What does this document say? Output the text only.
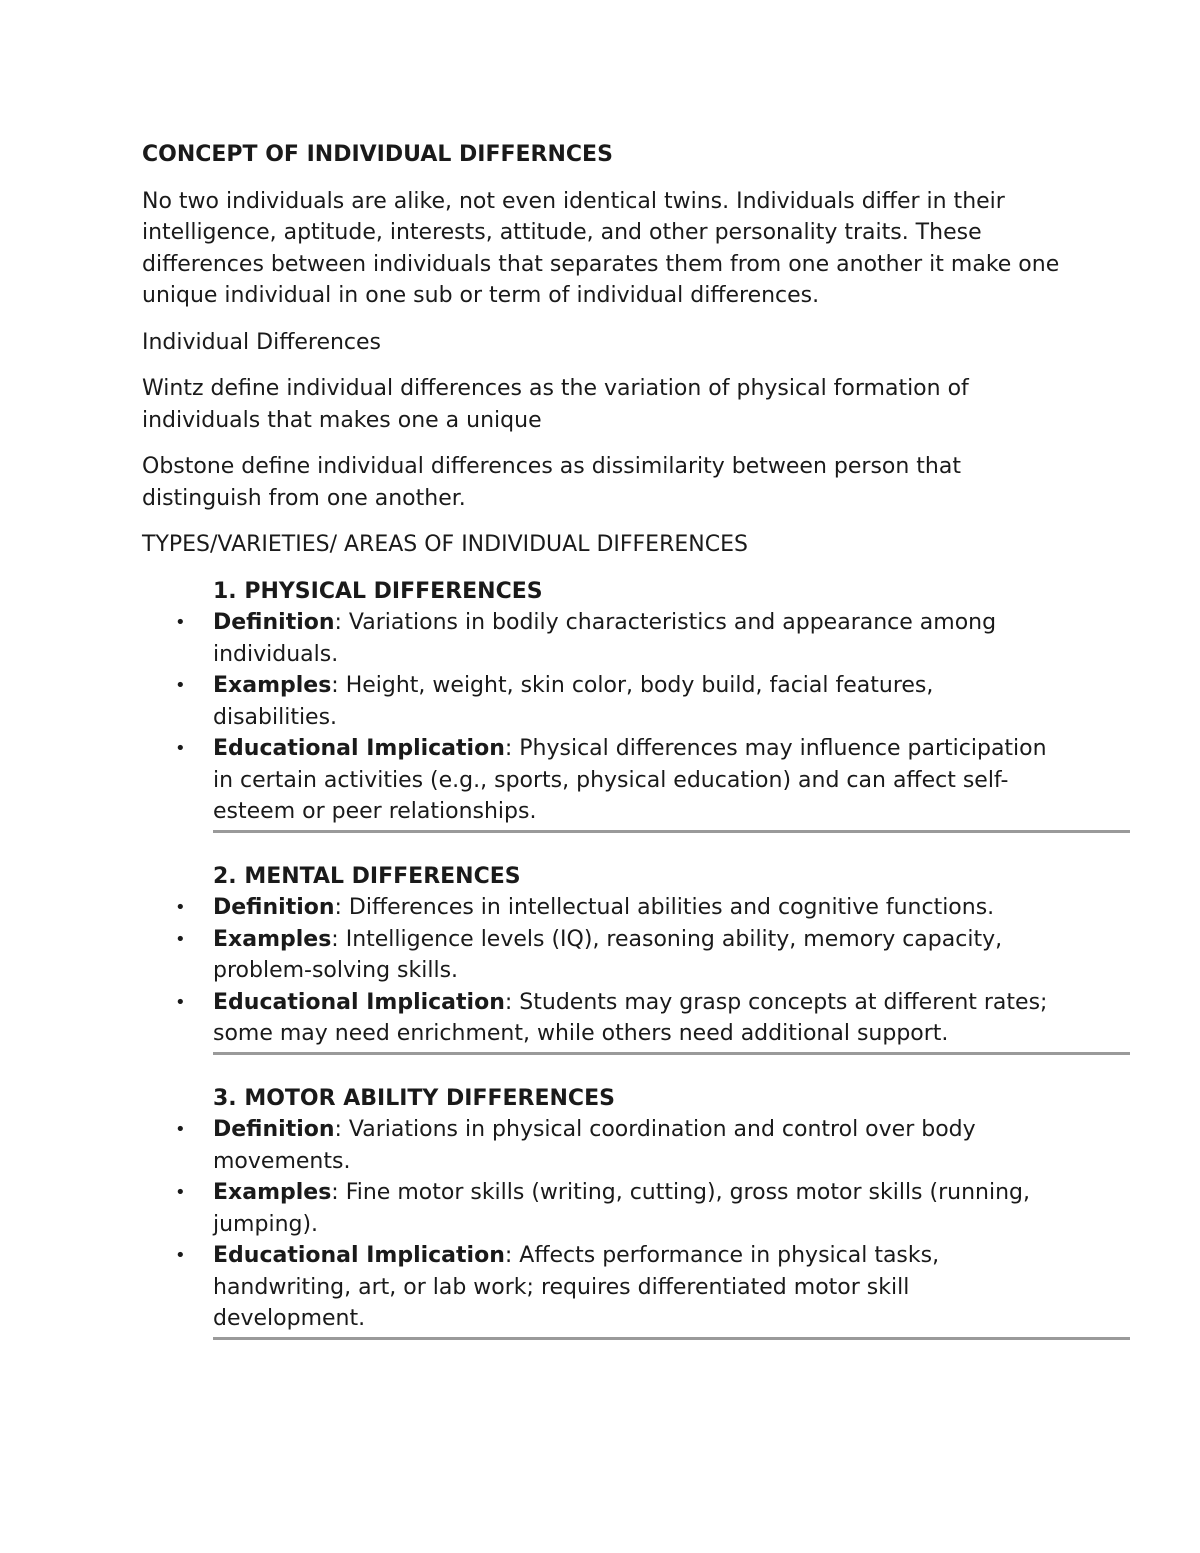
CONCEPT OF INDIVIDUAL DIFFERNCES

No two individuals are alike, not even identical twins. Individuals differ in their intelligence, aptitude, interests, attitude, and other personality traits. These differences between individuals that separates them from one another it make one unique individual in one sub or term of individual differences.

Individual Differences

Wintz define individual differences as the variation of physical formation of individuals that makes one a unique

Obstone define individual differences as dissimilarity between person that distinguish from one another.

TYPES/VARIETIES/ AREAS OF INDIVIDUAL DIFFERENCES

1. PHYSICAL DIFFERENCES
• Definition: Variations in bodily characteristics and appearance among individuals.
• Examples: Height, weight, skin color, body build, facial features, disabilities.
• Educational Implication: Physical differences may influence participation in certain activities (e.g., sports, physical education) and can affect self-esteem or peer relationships.
2. MENTAL DIFFERENCES
• Definition: Differences in intellectual abilities and cognitive functions.
• Examples: Intelligence levels (IQ), reasoning ability, memory capacity, problem-solving skills.
• Educational Implication: Students may grasp concepts at different rates; some may need enrichment, while others need additional support.
3. MOTOR ABILITY DIFFERENCES
• Definition: Variations in physical coordination and control over body movements.
• Examples: Fine motor skills (writing, cutting), gross motor skills (running, jumping).
• Educational Implication: Affects performance in physical tasks, handwriting, art, or lab work; requires differentiated motor skill development.
